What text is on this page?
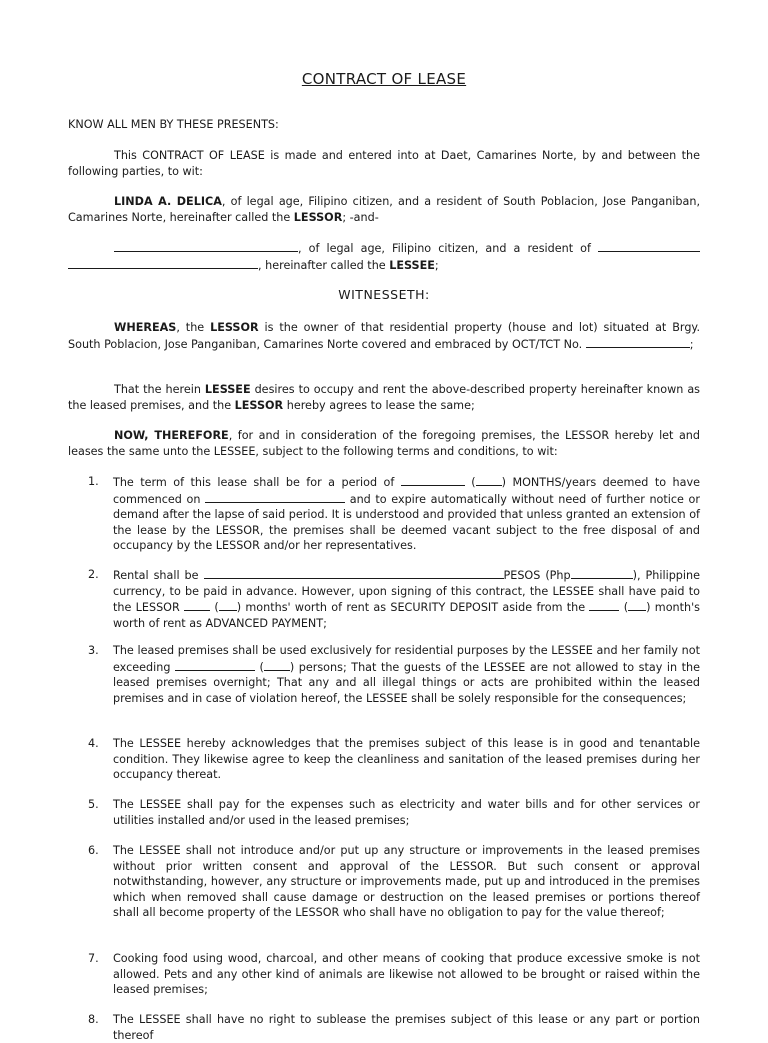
CONTRACT OF LEASE
KNOW ALL MEN BY THESE PRESENTS:
This CONTRACT OF LEASE is made and entered into at Daet, Camarines Norte, by and between the following parties, to wit:
LINDA A. DELICA, of legal age, Filipino citizen, and a resident of South Poblacion, Jose Panganiban, Camarines Norte, hereinafter called the LESSOR; -and-
, of legal age, Filipino citizen, and a resident of  , hereinafter called the LESSEE;
WITNESSETH:
WHEREAS, the LESSOR is the owner of that residential property (house and lot) situated at Brgy. South Poblacion, Jose Panganiban, Camarines Norte covered and embraced by OCT/TCT No.	;
That the herein LESSEE desires to occupy and rent the above-described property hereinafter known as the leased premises, and the LESSOR hereby agrees to lease the same;
NOW, THEREFORE, for and in consideration of the foregoing premises, the LESSOR hereby let and leases the same unto the LESSEE, subject to the following terms and conditions, to wit:
1.	The term of this lease shall be for a period of	( ) MONTHS/years deemed to have commenced on	and to expire automatically without need of further notice or demand after the lapse of said period. It is understood and provided that unless granted an extension of the lease by the LESSOR, the premises shall be deemed vacant subject to the free disposal of and occupancy by the LESSOR and/or her representatives.
2.	Rental shall be	PESOS (Php	), Philippine currency, to be paid in advance. However, upon signing of this contract, the LESSEE shall have paid to the LESSOR  ( ) months' worth of rent as SECURITY DEPOSIT aside from the	( ) month's worth of rent as ADVANCED PAYMENT;
3.	The leased premises shall be used exclusively for residential purposes by the LESSEE and her family not exceeding	( ) persons; That the guests of the LESSEE are not allowed to stay in the leased premises overnight; That any and all illegal things or acts are prohibited within the leased premises and in case of violation hereof, the LESSEE shall be solely responsible for the consequences;
4.	The LESSEE hereby acknowledges that the premises subject of this lease is in good and tenantable condition. They likewise agree to keep the cleanliness and sanitation of the leased premises during her occupancy thereat.
5.	The LESSEE shall pay for the expenses such as electricity and water bills and for other services or utilities installed and/or used in the leased premises;
6.	The LESSEE shall not introduce and/or put up any structure or improvements in the leased premises without prior written consent and approval of the LESSOR. But such consent or approval notwithstanding, however, any structure or improvements made, put up and introduced in the premises which when removed shall cause damage or destruction on the leased premises or portions thereof shall all become property of the LESSOR who shall have no obligation to pay for the value thereof;
7.	Cooking food using wood, charcoal, and other means of cooking that produce excessive smoke is not allowed. Pets and any other kind of animals are likewise not allowed to be brought or raised within the leased premises;
8.	The LESSEE shall have no right to sublease the premises subject of this lease or any part or portion thereof
